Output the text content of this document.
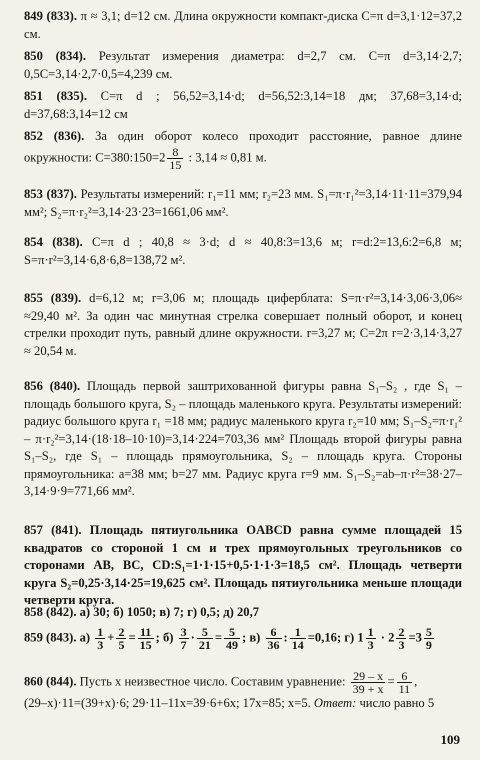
849 (833). π ≈ 3,1; d=12 см. Длина окружности компакт-диска C=π d=3,1·12=37,2 см.
850 (834). Результат измерения диаметра: d=2,7 см. C=π d=3,14·2,7; 0,5C=3,14·2,7·0,5=4,239 см.
851 (835). C=π d ; 56,52=3,14·d; d=56,52:3,14=18 дм; 37,68=3,14·d; d=37,68:3,14=12 см
852 (836). За один оборот колесо проходит расстояние, равное длине окружности: C=380:150=2 $\frac{8}{15}$ : 3,14 ≈ 0,81 м.
853 (837). Результаты измерений: r₁=11 мм; r₂=23 мм. S₁=π·r₁²=3,14·11·11=379,94 мм²; S₂=π·r₂²=3,14·23·23=1661,06 мм².
854 (838). C=π d ; 40,8 ≈ 3·d; d ≈ 40,8:3=13,6 м; r=d:2=13,6:2=6,8 м; S=π·r²=3,14·6,8·6,8=138,72 м².
855 (839). d=6,12 м; r=3,06 м; площадь циферблата: S=π·r²=3,14·3,06·3,06≈ ≈29,40 м². За один час минутная стрелка совершает полный оборот, и конец стрелки проходит путь, равный длине окружности. r=3,27 м; C=2π r=2·3,14·3,27 ≈ 20,54 м.
856 (840). Площадь первой заштрихованной фигуры равна S₁–S₂ , где S₁ – площадь большого круга, S₂ – площадь маленького круга. Результаты измерений: радиус большого круга r₁ =18 мм; радиус маленького круга r₂=10 мм; S₁–S₂=π·r₁² – π·r₂²=3,14·(18·18–10·10)=3,14·224=703,36 мм² Площадь второй фигуры равна S₁–S₂, где S₁ – площадь прямоугольника, S₂ – площадь круга. Стороны прямоугольника: a=38 мм; b=27 мм. Радиус круга r=9 мм. S₁–S₂=ab–π·r²=38·27–3,14·9·9=771,66 мм².
857 (841). Площадь пятиугольника OABCD равна сумме площадей 15 квадратов со стороной 1 см и трех прямоугольных треугольников со сторонами AB, BC, CD:S₁=1·1·15+0,5·1·1·3=18,5 см². Площадь четверти круга S₂=0,25·3,14·25=19,625 см². Площадь пятиугольника меньше площади четверти круга.
858 (842). а) 30; б) 1050; в) 7; г) 0,5; д) 20,7
859 (843). $а) \frac{1}{3} + \frac{2}{5} = \frac{11}{15}$ ; $б) \frac{3}{7} \cdot \frac{5}{21} = \frac{5}{49}$ ; $в) \frac{6}{36}$ : $\frac{1}{14} =0,16$; г) $1 \frac{1}{3} \cdot 2 \frac{2}{3} =3 \frac{5}{9}$
860 (844). Пусть x неизвестное число. Составим уравнение: $\frac{29 - x}{39 + x} = \frac{6}{11}$ ,
(29–x)·11=(39+x)·6; 29·11–11x=39·6+6x; 17x=85; x=5. Ответ: число равно 5
109
